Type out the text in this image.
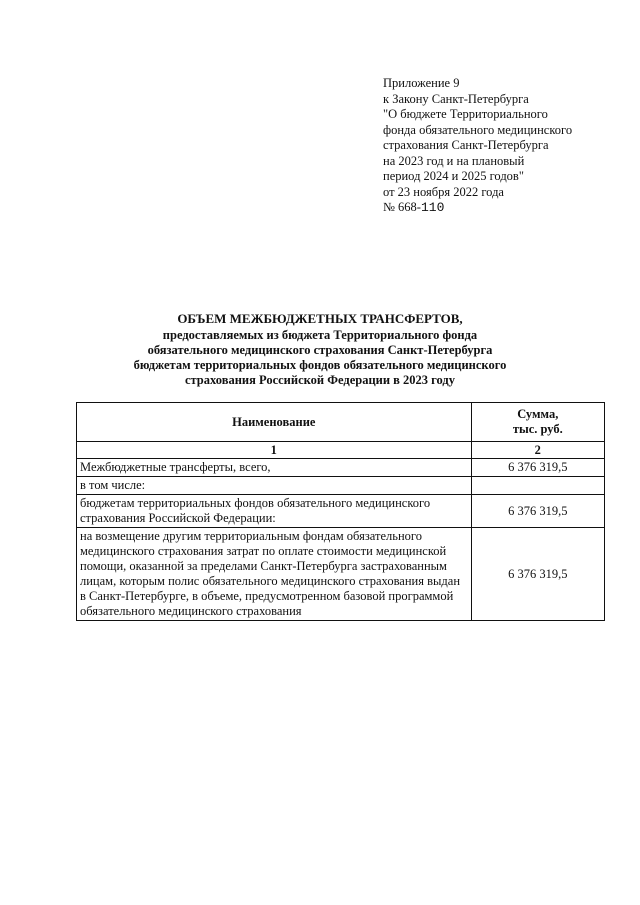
Приложение 9
к Закону Санкт-Петербурга
"О бюджете Территориального
фонда обязательного медицинского
страхования Санкт-Петербурга
на 2023 год и на плановый
период 2024 и 2025 годов"
от 23 ноября 2022 года
№ 668-110
ОБЪЕМ МЕЖБЮДЖЕТНЫХ ТРАНСФЕРТОВ,
предоставляемых из бюджета Территориального фонда
обязательного медицинского страхования Санкт-Петербурга
бюджетам территориальных фондов обязательного медицинского
страхования Российской Федерации в 2023 году
Наименование	Сумма,
тыс. руб.
1	2
Межбюджетные трансферты, всего,	6 376 319,5
в том числе:	
бюджетам территориальных фондов обязательного медицинского страхования Российской Федерации:	6 376 319,5
на возмещение другим территориальным фондам обязательного медицинского страхования затрат по оплате стоимости медицинской помощи, оказанной за пределами Санкт-Петербурга застрахованным лицам, которым полис обязательного медицинского страхования выдан в Санкт-Петербурге, в объеме, предусмотренном базовой программой обязательного медицинского страхования	6 376 319,5
